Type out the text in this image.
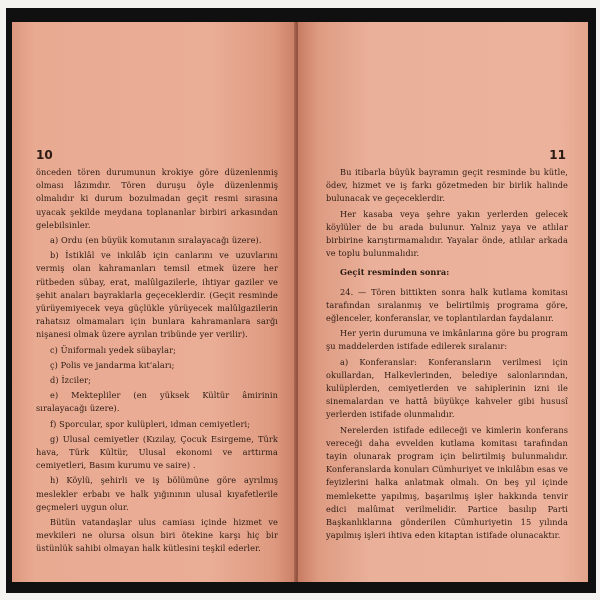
10

önceden tören durumunun krokiye göre düzenlenmiş olması lâzımdır. Tören duruşu öyle düzenlenmiş olmalıdır ki durum bozulmadan geçit resmi sırasına uyacak şekilde meydana toplananlar birbiri arkasından gelebilsinler.

a) Ordu (en büyük komutanın sıralayacağı üzere).

b) İstiklâl ve inkılâb için canlarını ve uzuvlarını vermiş olan kahramanları temsil etmek üzere her rütbeden sübay, erat, malûlgazilerle, ihtiyar gaziler ve şehit anaları bayraklarla geçeceklerdir. (Geçit resminde yürüyemiyecek veya güçlükle yürüyecek malûlgazilerin rahatsız olmamaları için bunlara kahramanlara sarğı nişanesi olmak üzere ayrılan tribünde yer verilir).

c) Üniformalı yedek sübaylar;

ç) Polis ve jandarma kıt'aları;

d) İzciler;

e) Mektepliler (en yüksek Kültür âmirinin sıralayacağı üzere).

f) Sporcular, spor kulüpleri, idman cemiyetleri;

g) Ulusal cemiyetler (Kızılay, Çocuk Esirgeme, Türk hava, Türk Kültür, Ulusal ekonomi ve arttırma cemiyetleri, Basım kurumu ve saire) .

h) Köylü, şehirli ve iş bölümüne göre ayrılmış meslekler erbabı ve halk yığınının ulusal kıyafetlerile geçmeleri uygun olur.

Bütün vatandaşlar ulus camiası içinde hizmet ve mevkileri ne olursa olsun biri ötekine karşı hiç bir üstünlük sahibi olmayan halk kütlesini teşkil ederler.

11

Bu itibarla büyük bayramın geçit resminde bu kütle, ödev, hizmet ve iş farkı gözetmeden bir birlik halinde bulunacak ve geçeceklerdir.

Her kasaba veya şehre yakın yerlerden gelecek köylüler de bu arada bulunur. Yalnız yaya ve atlılar birbirine karıştırmamalıdır. Yayalar önde, atlılar arkada ve toplu bulunmalıdır.

Geçit resminden sonra:

24. — Tören bittikten sonra halk kutlama komitası tarafından sıralanmış ve belirtilmiş programa göre, eğlenceler, konferanslar, ve toplantılardan faydalanır.

Her yerin durumuna ve imkânlarına göre bu program şu maddelerden istifade edilerek sıralanır:

a) Konferanslar: Konferansların verilmesi için okullardan, Halkevlerinden, belediye salonlarından, kulüplerden, cemiyetlerden ve sahiplerinin izni ile sinemalardan ve hattâ büyükçe kahveler gibi hususî yerlerden istifade olunmalıdır.

Nerelerden istifade edileceği ve kimlerin konferans vereceği daha evvelden kutlama komitası tarafından tayin olunarak program için belirtilmiş bulunmalıdır. Konferanslarda konuları Cümhuriyet ve inkılâbın esas ve feyizlerini halka anlatmak olmalı. On beş yıl içinde memlekette yapılmış, başarılmış işler hakkında tenvir edici malûmat verilmelidir. Partice basılıp Parti Başkanlıklarına gönderilen Cümhuriyetin 15 yılında yapılmış işleri ihtiva eden kitaptan istifade olunacaktır.
